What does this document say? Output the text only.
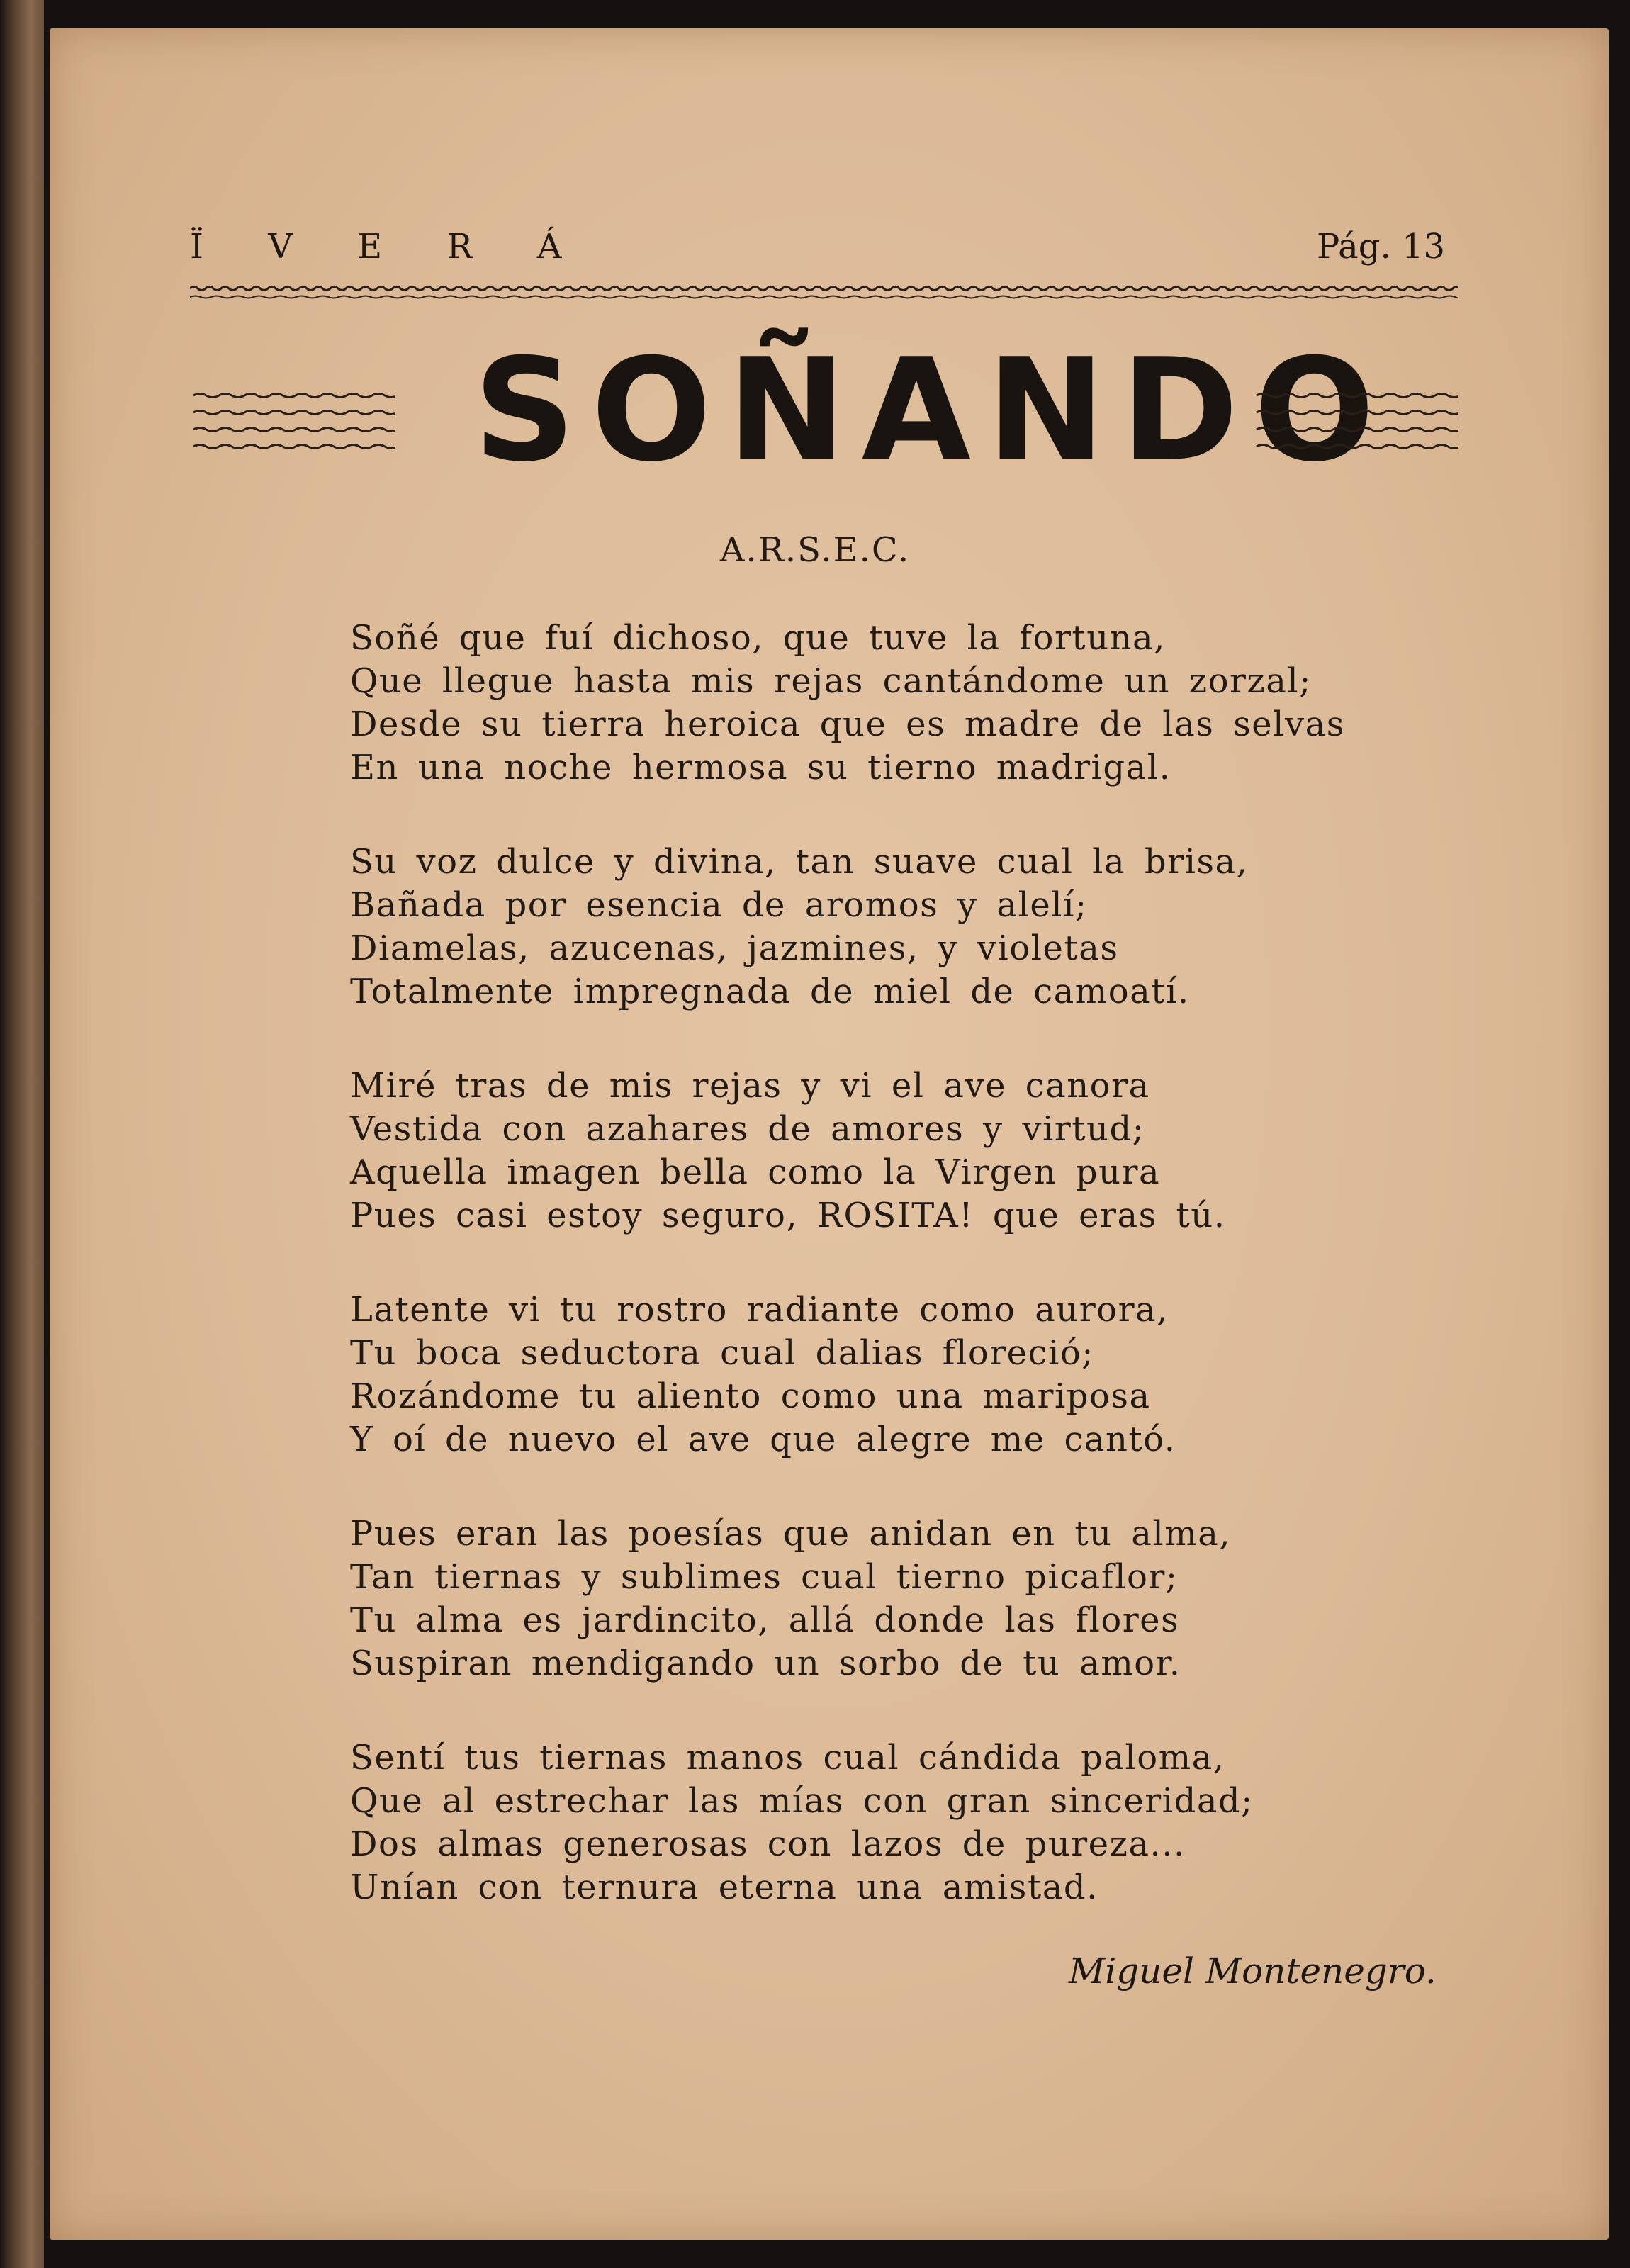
Ï V E R Á	Pág. 13
SOÑANDO
A.R.S.E.C.
Soñé que fuí dichoso, que tuve la fortuna,
Que llegue hasta mis rejas cantándome un zorzal;
Desde su tierra heroica que es madre de las selvas
En una noche hermosa su tierno madrigal.
Su voz dulce y divina, tan suave cual la brisa,
Bañada por esencia de aromos y alelí;
Diamelas, azucenas, jazmines, y violetas
Totalmente impregnada de miel de camoatí.
Miré tras de mis rejas y vi el ave canora
Vestida con azahares de amores y virtud;
Aquella imagen bella como la Virgen pura
Pues casi estoy seguro, ROSITA! que eras tú.
Latente vi tu rostro radiante como aurora,
Tu boca seductora cual dalias floreció;
Rozándome tu aliento como una mariposa
Y oí de nuevo el ave que alegre me cantó.
Pues eran las poesías que anidan en tu alma,
Tan tiernas y sublimes cual tierno picaflor;
Tu alma es jardincito, allá donde las flores
Suspiran mendigando un sorbo de tu amor.
Sentí tus tiernas manos cual cándida paloma,
Que al estrechar las mías con gran sinceridad;
Dos almas generosas con lazos de pureza...
Unían con ternura eterna una amistad.
Miguel Montenegro.
